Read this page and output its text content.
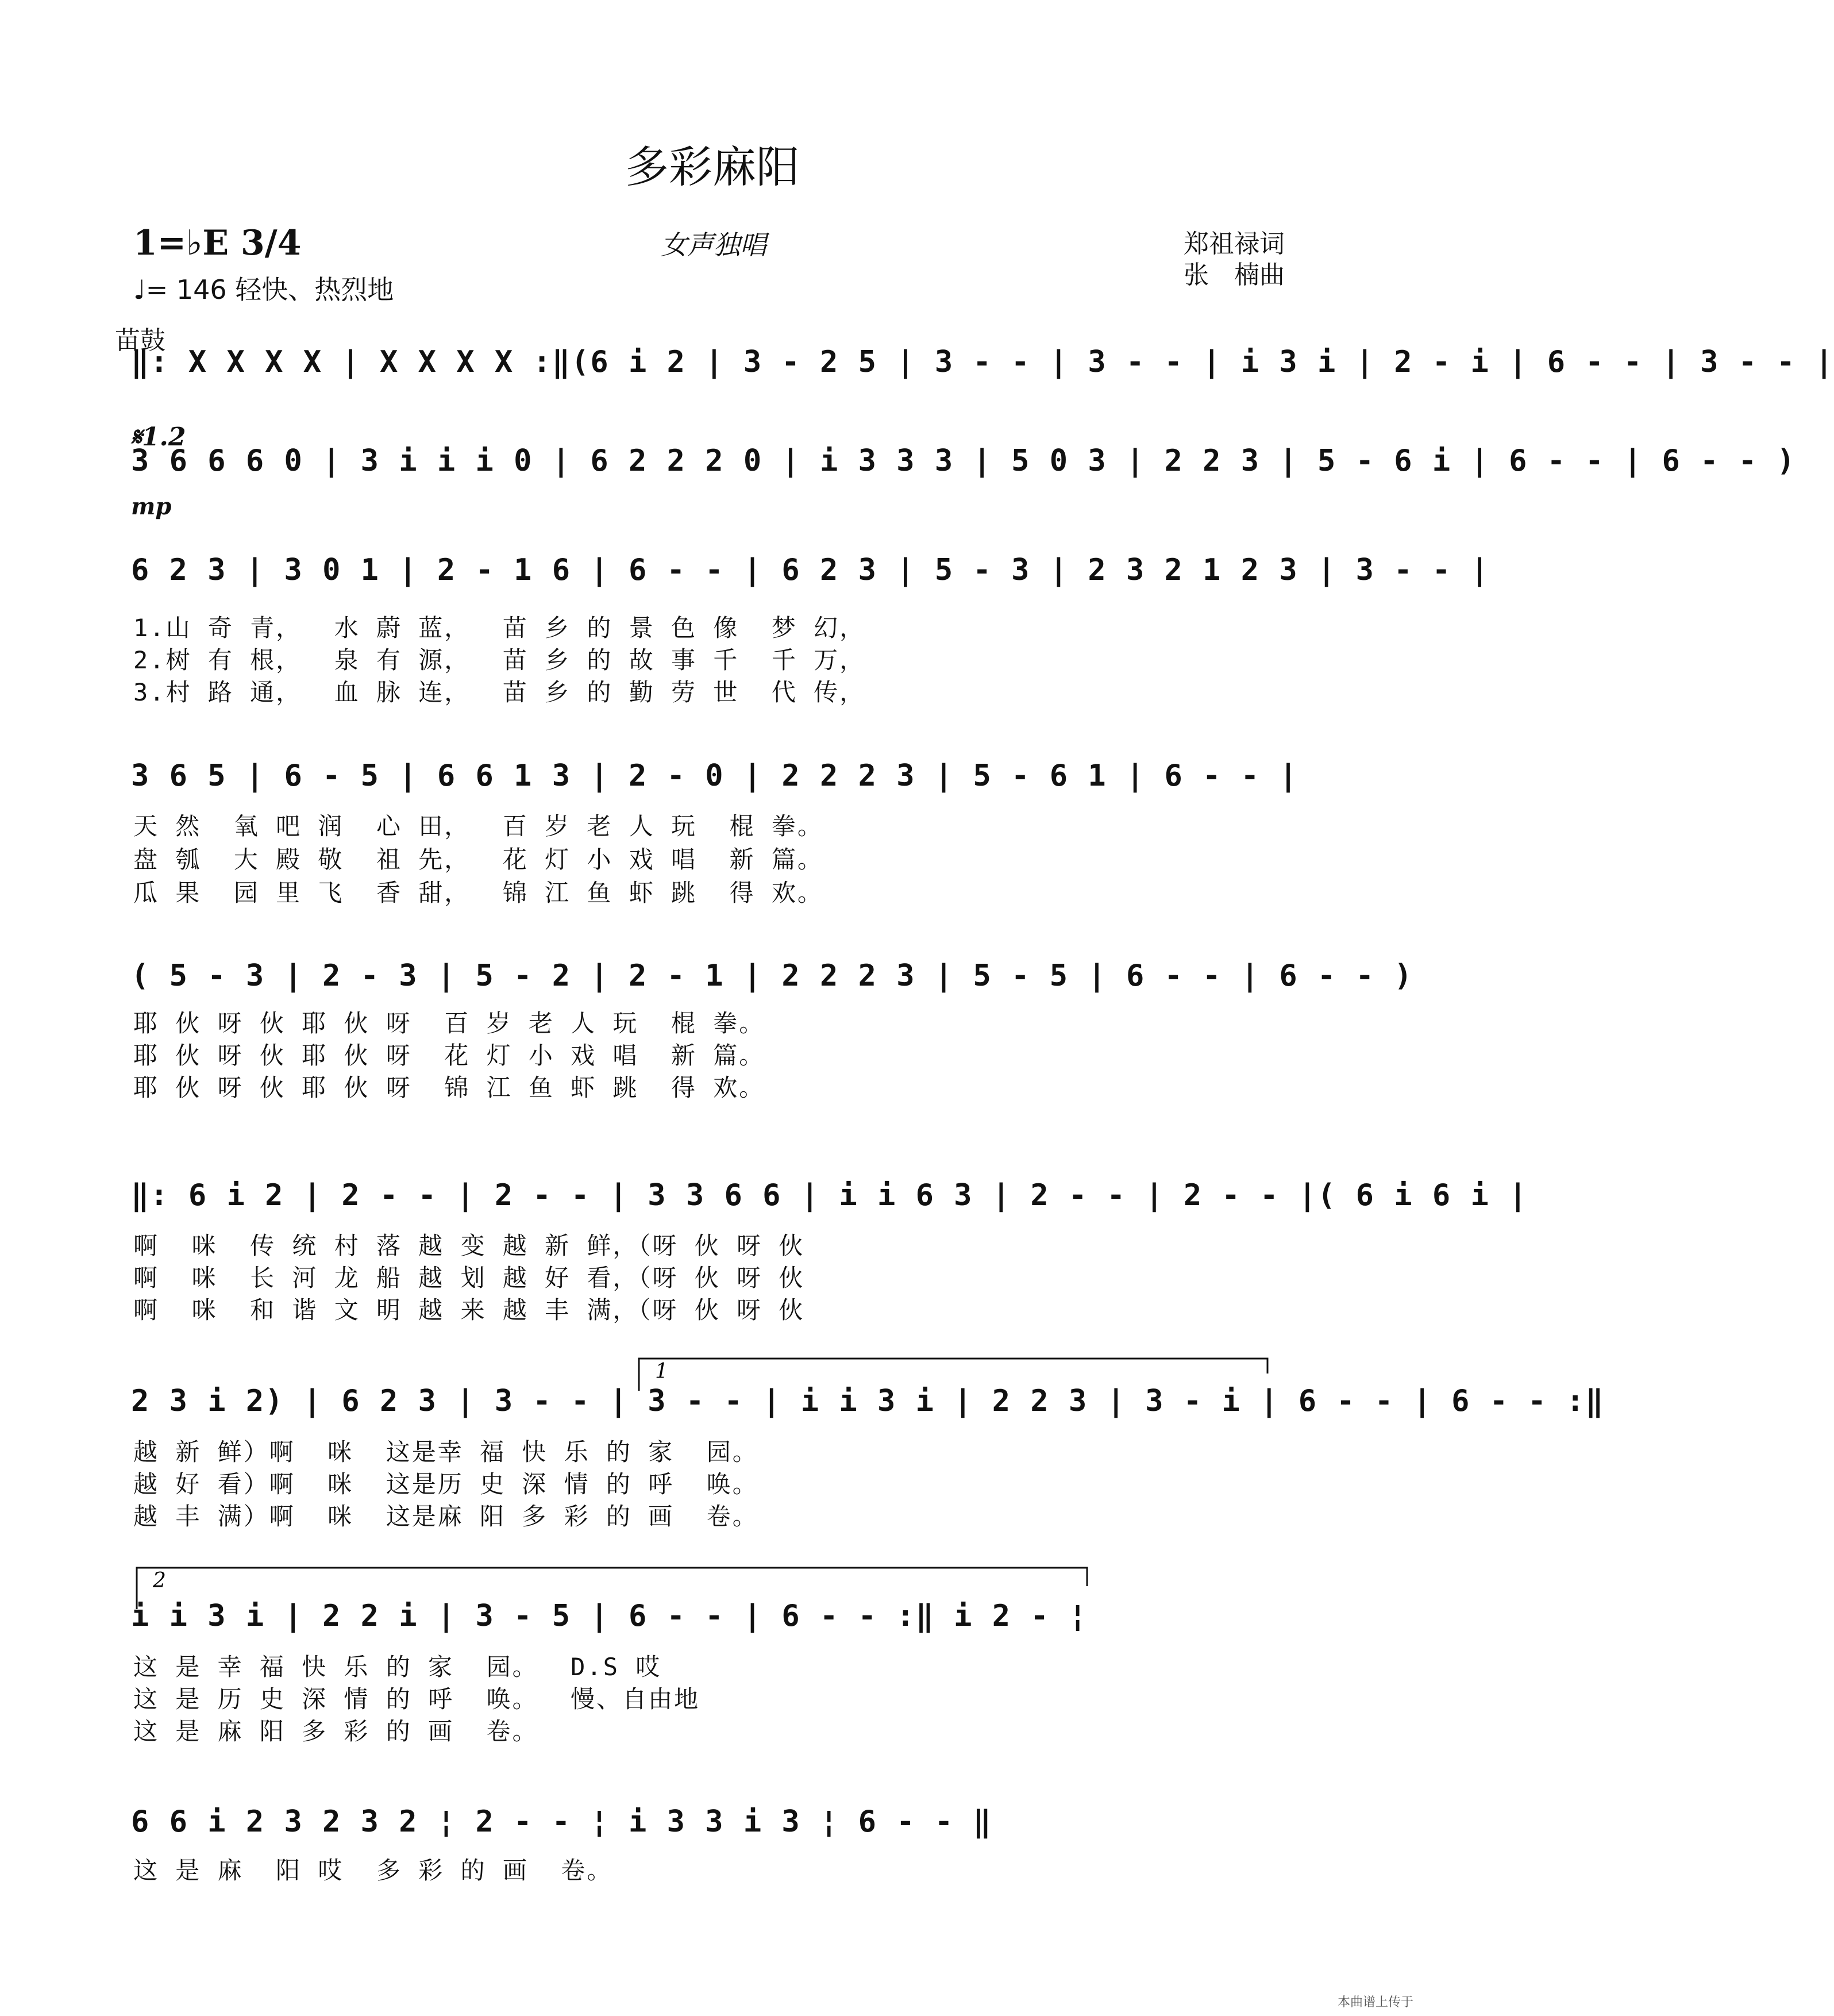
多彩麻阳
1=♭E 3/4
♩= 146 轻快、热烈地
女声独唱	郑祖禄词
张　楠曲
苗鼓
𝄋1.2
mp
‖: X X X X | X X X X :‖(6 i 2 | 3 - 2 5 | 3 - - | 3 - - | i 3 i | 2 - i | 6 - - | 3 - - |
3 6 6 6 0 | 3 i i i 0 | 6 2 2 2 0 | i 3 3 3 | 5 0 3 | 2 2 3 | 5 - 6 i | 6 - - | 6 - - )
6 2 3 | 3 0 1 | 2 - 1 6 | 6 - - | 6 2 3 | 5 - 3 | 2 3 2 1 2 3 | 3 - - |
3 6 5 | 6 - 5 | 6 6 1 3 | 2 - 0 | 2 2 2 3 | 5 - 6 1 | 6 - - |
( 5 - 3 | 2 - 3 | 5 - 2 | 2 - 1 | 2 2 2 3 | 5 - 5 | 6 - - | 6 - - )
‖: 6 i 2 | 2 - - | 2 - - | 3 3 6 6 | i i 6 3 | 2 - - | 2 - - |( 6 i 6 i |
2 3 i 2) | 6 2 3 | 3 - - | 3 - - | i i 3 i | 2 2 3 | 3 - i | 6 - - | 6 - - :‖
i i 3 i | 2 2 i | 3 - 5 | 6 - - | 6 - - :‖ i 2 - ¦
6 6 i 2 3 2 3 2 ¦ 2 - - ¦ i 3 3 i 3 ¦ 6 - - ‖
1.山 奇 青，  水 蔚 蓝，  苗 乡 的 景 色 像  梦 幻，
2.树 有 根，  泉 有 源，  苗 乡 的 故 事 千  千 万，
3.村 路 通，  血 脉 连，  苗 乡 的 勤 劳 世  代 传，
天 然  氧 吧 润  心 田，  百 岁 老 人 玩  棍 拳。
盘 瓠  大 殿 敬  祖 先，  花 灯 小 戏 唱  新 篇。
瓜 果  园 里 飞  香 甜，  锦 江 鱼 虾 跳  得 欢。
耶 伙 呀 伙 耶 伙 呀  百 岁 老 人 玩  棍 拳。
耶 伙 呀 伙 耶 伙 呀  花 灯 小 戏 唱  新 篇。
耶 伙 呀 伙 耶 伙 呀  锦 江 鱼 虾 跳  得 欢。
啊  咪  传 统 村 落 越 变 越 新 鲜，（呀 伙 呀 伙
啊  咪  长 河 龙 船 越 划 越 好 看，（呀 伙 呀 伙
啊  咪  和 谐 文 明 越 来 越 丰 满，（呀 伙 呀 伙
越 新 鲜）啊  咪  这是幸 福 快 乐 的 家  园。
越 好 看）啊  咪  这是历 史 深 情 的 呼  唤。
越 丰 满）啊  咪  这是麻 阳 多 彩 的 画  卷。
这 是 幸 福 快 乐 的 家  园。  D.S 哎
这 是 历 史 深 情 的 呼  唤。  慢、自由地
这 是 麻 阳 多 彩 的 画  卷。
这 是 麻  阳 哎  多 彩 的 画  卷。
1
2
本曲谱上传于
